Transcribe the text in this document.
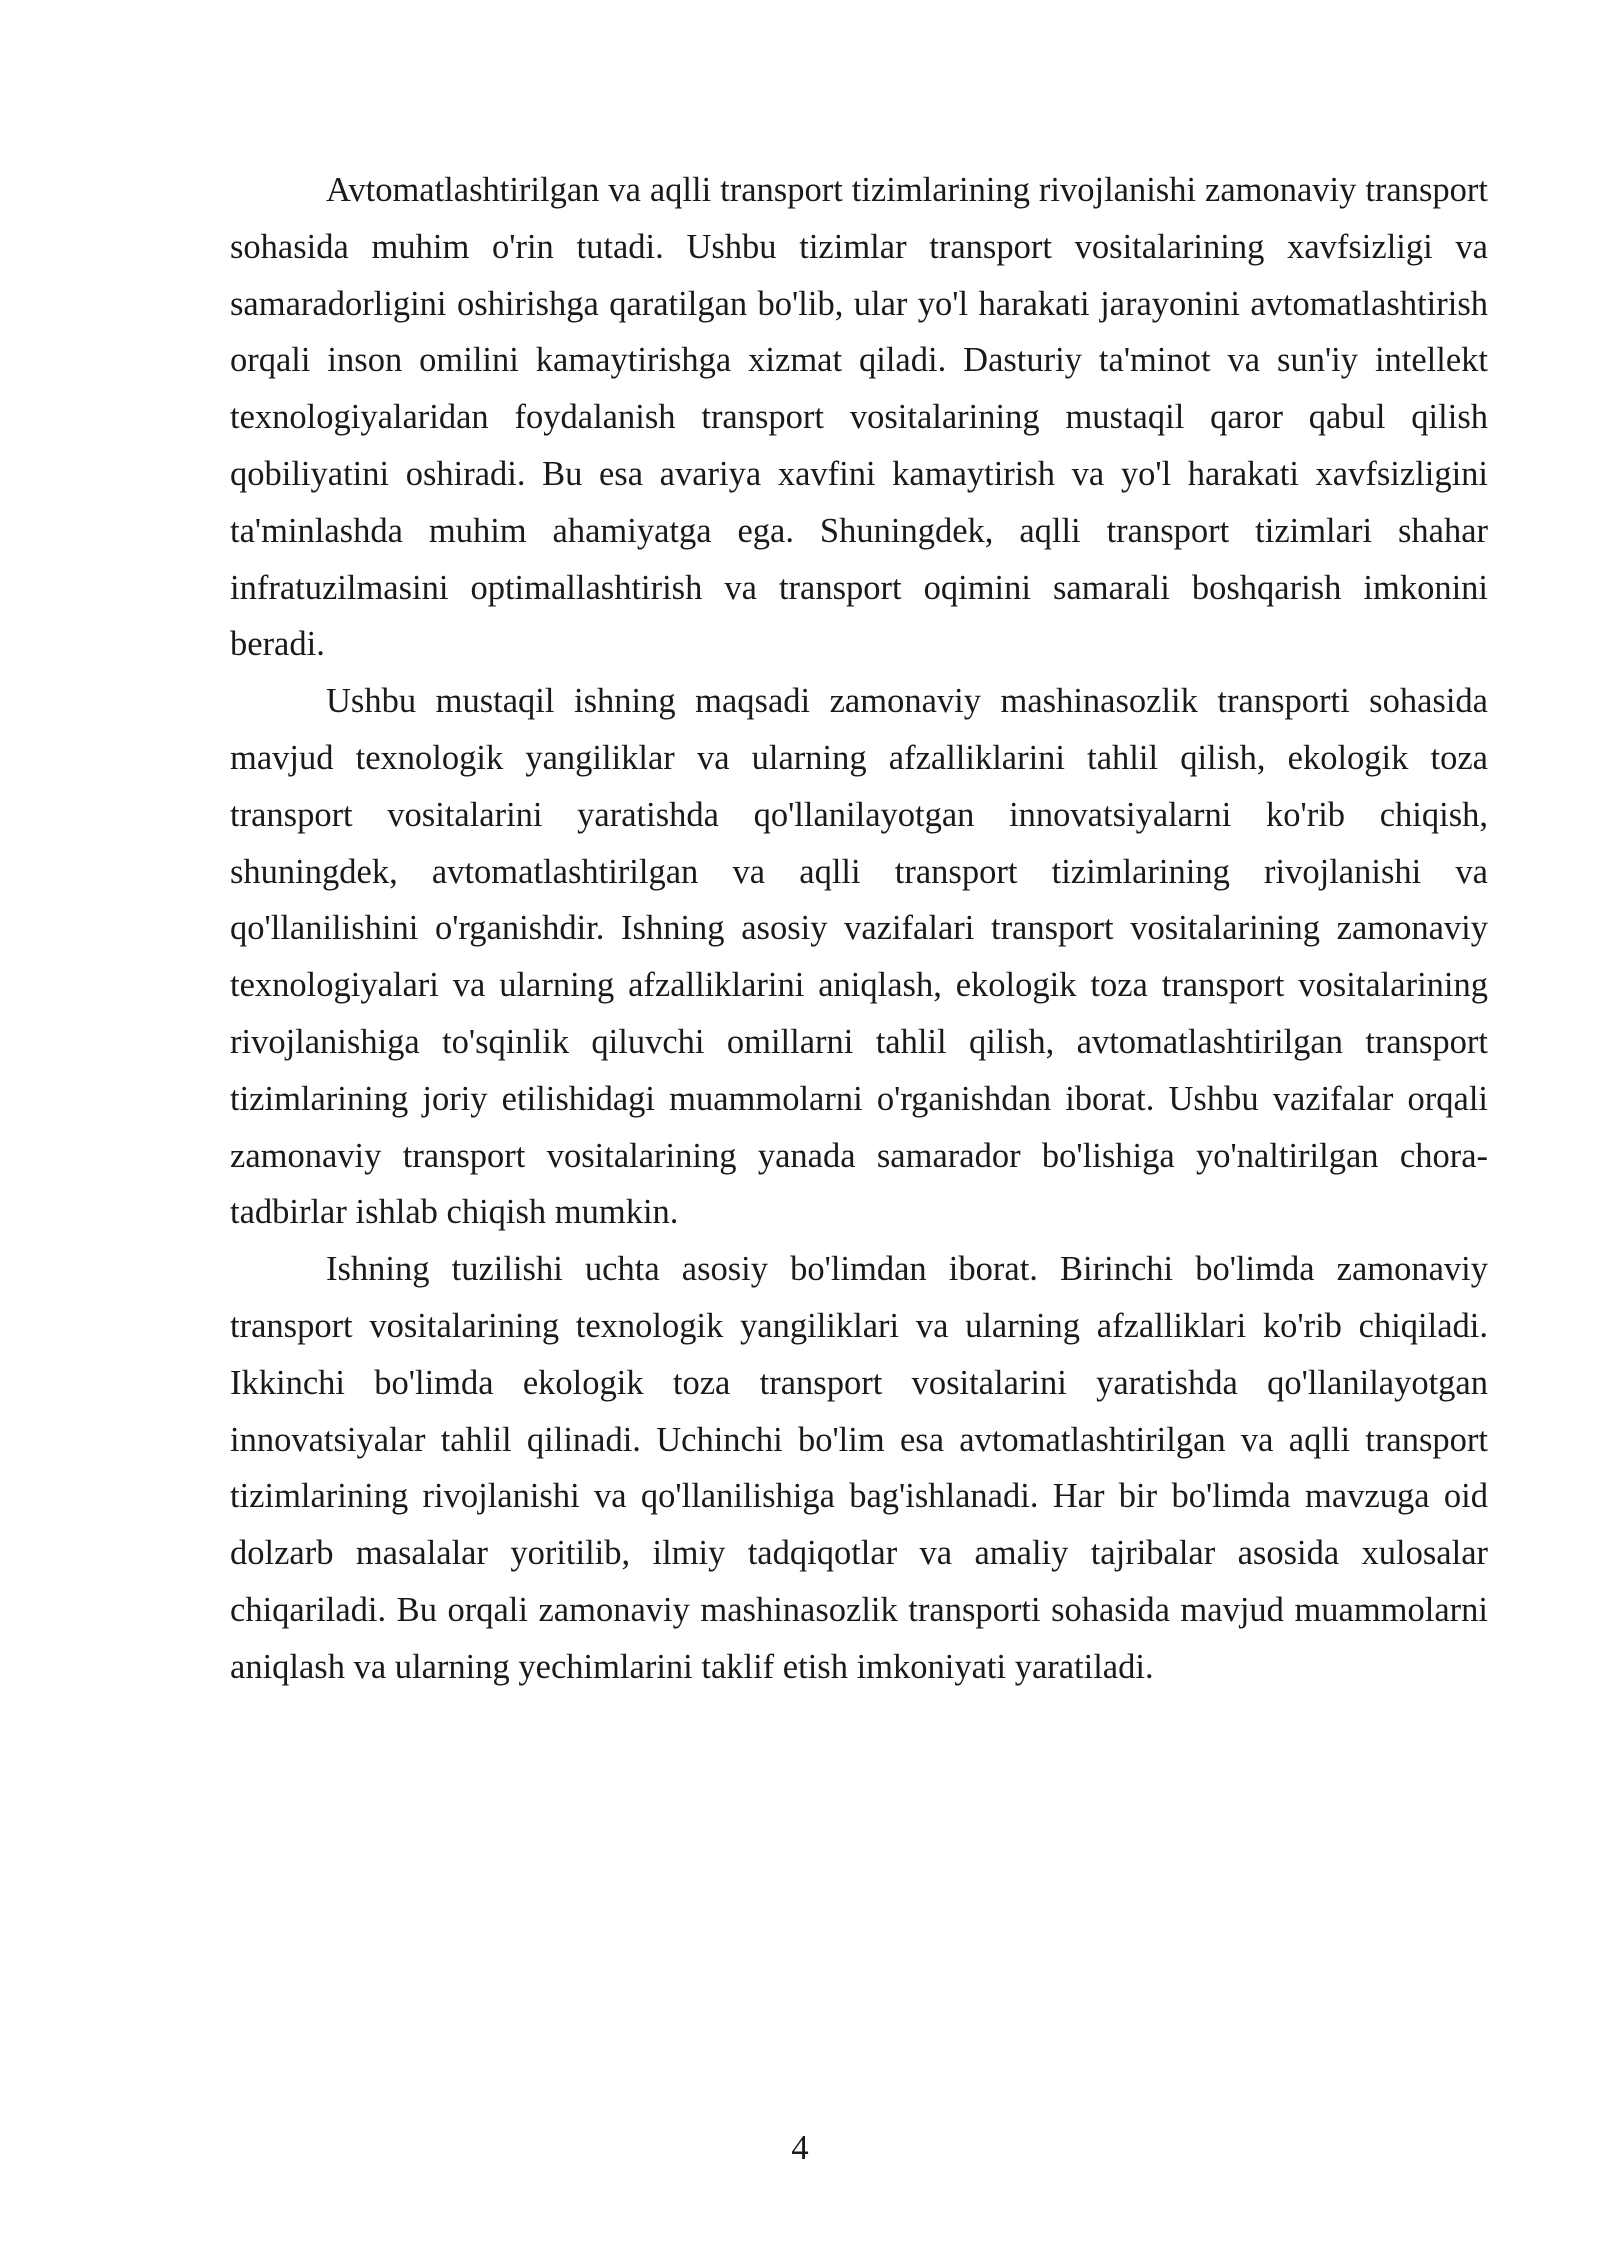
Avtomatlashtirilgan va aqlli transport tizimlarining rivojlanishi zamonaviy transport sohasida muhim o'rin tutadi. Ushbu tizimlar transport vositalarining xavfsizligi va samaradorligini oshirishga qaratilgan bo'lib, ular yo'l harakati jarayonini avtomatlashtirish orqali inson omilini kamaytirishga xizmat qiladi. Dasturiy ta'minot va sun'iy intellekt texnologiyalaridan foydalanish transport vositalarining mustaqil qaror qabul qilish qobiliyatini oshiradi. Bu esa avariya xavfini kamaytirish va yo'l harakati xavfsizligini ta'minlashda muhim ahamiyatga ega. Shuningdek, aqlli transport tizimlari shahar infratuzilmasini optimallashtirish va transport oqimini samarali boshqarish imkonini beradi.

Ushbu mustaqil ishning maqsadi zamonaviy mashinasozlik transporti sohasida mavjud texnologik yangiliklar va ularning afzalliklarini tahlil qilish, ekologik toza transport vositalarini yaratishda qo'llanilayotgan innovatsiyalarni ko'rib chiqish, shuningdek, avtomatlashtirilgan va aqlli transport tizimlarining rivojlanishi va qo'llanilishini o'rganishdir. Ishning asosiy vazifalari transport vositalarining zamonaviy texnologiyalari va ularning afzalliklarini aniqlash, ekologik toza transport vositalarining rivojlanishiga to'sqinlik qiluvchi omillarni tahlil qilish, avtomatlashtirilgan transport tizimlarining joriy etilishidagi muammolarni o'rganishdan iborat. Ushbu vazifalar orqali zamonaviy transport vositalarining yanada samarador bo'lishiga yo'naltirilgan chora-tadbirlar ishlab chiqish mumkin.

Ishning tuzilishi uchta asosiy bo'limdan iborat. Birinchi bo'limda zamonaviy transport vositalarining texnologik yangiliklari va ularning afzalliklari ko'rib chiqiladi. Ikkinchi bo'limda ekologik toza transport vositalarini yaratishda qo'llanilayotgan innovatsiyalar tahlil qilinadi. Uchinchi bo'lim esa avtomatlashtirilgan va aqlli transport tizimlarining rivojlanishi va qo'llanilishiga bag'ishlanadi. Har bir bo'limda mavzuga oid dolzarb masalalar yoritilib, ilmiy tadqiqotlar va amaliy tajribalar asosida xulosalar chiqariladi. Bu orqali zamonaviy mashinasozlik transporti sohasida mavjud muammolarni aniqlash va ularning yechimlarini taklif etish imkoniyati yaratiladi.

4
